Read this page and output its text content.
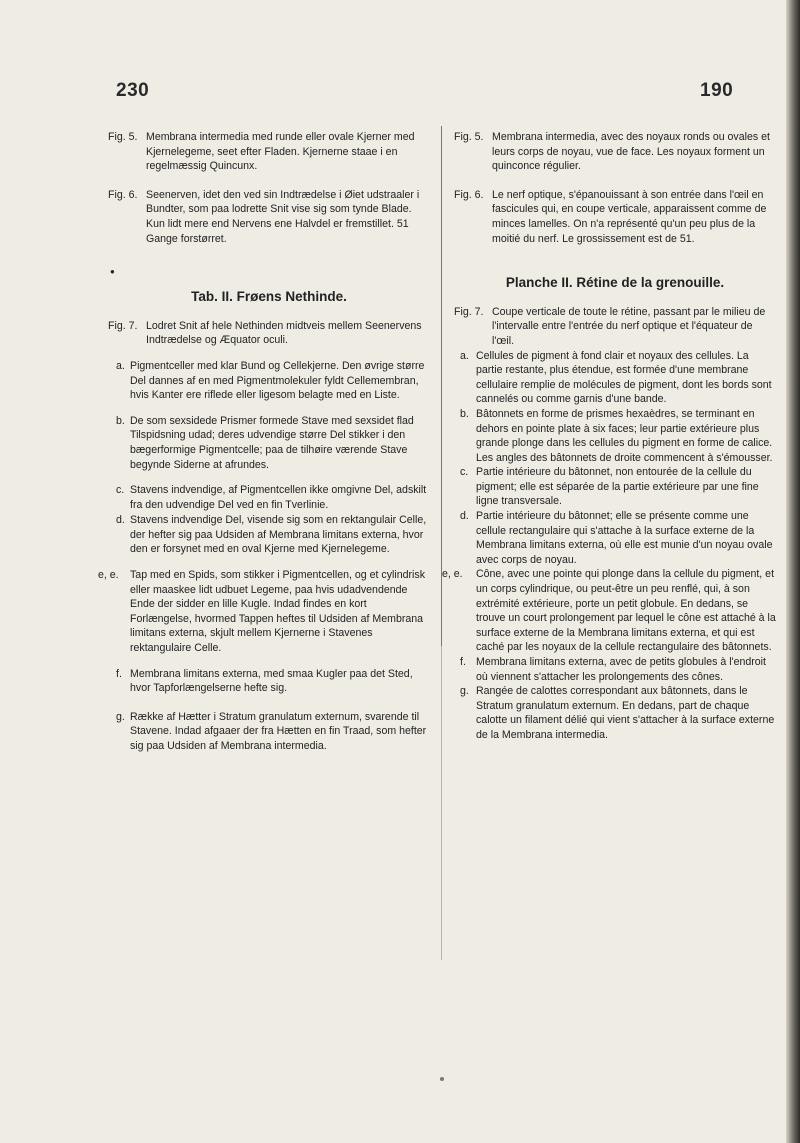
230	190
●
Fig. 5. Membrana intermedia med runde eller ovale Kjerner med Kjernelegeme, seet efter Fladen. Kjernerne staae i en regelmæssig Quincunx.
Fig. 6. Seenerven, idet den ved sin Indtrædelse i Øiet udstraaler i Bundter, som paa lodrette Snit vise sig som tynde Blade. Kun lidt mere end Nervens ene Halvdel er fremstillet. 51 Gange forstørret.

Tab. II. Frøens Nethinde.

Fig. 7. Lodret Snit af hele Nethinden midtveis mellem Seenervens Indtrædelse og Æquator oculi.
a. Pigmentceller med klar Bund og Cellekjerne. Den øvrige større Del dannes af en med Pigmentmolekuler fyldt Cellemembran, hvis Kanter ere riflede eller ligesom belagte med en Liste.
b. De som sexsidede Prismer formede Stave med sexsidet flad Tilspidsning udad; deres udvendige større Del stikker i den bægerformige Pigmentcelle; paa de tilhøire værende Stave begynde Siderne at afrundes.
c. Stavens indvendige, af Pigmentcellen ikke omgivne Del, adskilt fra den udvendige Del ved en fin Tverlinie.
d. Stavens indvendige Del, visende sig som en rektangulair Celle, der hefter sig paa Udsiden af Membrana limitans externa, hvor den er forsynet med en oval Kjerne med Kjernelegeme.
e, e.	Tap med en Spids, som stikker i Pigmentcellen, og et cylindrisk eller maaskee lidt udbuet Legeme, paa hvis udadvendende Ende der sidder en lille Kugle. Indad findes en kort Forlængelse, hvormed Tappen heftes til Udsiden af Membrana limitans externa, skjult mellem Kjernerne i Stavenes rektangulaire Celle.
f. Membrana limitans externa, med smaa Kugler paa det Sted, hvor Tapforlængelserne hefte sig.
g. Række af Hætter i Stratum granulatum externum, svarende til Stavene. Indad afgaaer der fra Hætten en fin Traad, som hefter sig paa Udsiden af Membrana intermedia.
Fig. 5. Membrana intermedia, avec des noyaux ronds ou ovales et leurs corps de noyau, vue de face. Les noyaux forment un quinconce régulier.
Fig. 6. Le nerf optique, s'épanouissant à son entrée dans l'œil en fascicules qui, en coupe verticale, apparaissent comme de minces lamelles. On n'a représenté qu'un peu plus de la moitié du nerf. Le grossissement est de 51.

Planche II. Rétine de la grenouille.

Fig. 7. Coupe verticale de toute le rétine, passant par le milieu de l'intervalle entre l'entrée du nerf optique et l'équateur de l'œil.
a. Cellules de pigment à fond clair et noyaux des cellules. La partie restante, plus étendue, est formée d'une membrane cellulaire remplie de molécules de pigment, dont les bords sont cannelés ou comme garnis d'une bande.
b. Bâtonnets en forme de prismes hexaèdres, se terminant en dehors en pointe plate à six faces; leur partie extérieure plus grande plonge dans les cellules du pigment en forme de calice. Les angles des bâtonnets de droite commencent à s'émousser.
c. Partie intérieure du bâtonnet, non entourée de la cellule du pigment; elle est séparée de la partie extérieure par une fine ligne transversale.
d. Partie intérieure du bâtonnet; elle se présente comme une cellule rectangulaire qui s'attache à la surface externe de la Membrana limitans externa, où elle est munie d'un noyau ovale avec corps de noyau.
e, e.	Cône, avec une pointe qui plonge dans la cellule du pigment, et un corps cylindrique, ou peut-être un peu renflé, qui, à son extrémité extérieure, porte un petit globule. En dedans, se trouve un court prolongement par lequel le cône est attaché à la surface externe de la Membrana limitans externa, et qui est caché par les noyaux de la cellule rectangulaire des bâtonnets.
f. Membrana limitans externa, avec de petits globules à l'endroit où viennent s'attacher les prolongements des cônes.
g. Rangée de calottes correspondant aux bâtonnets, dans le Stratum granulatum externum. En dedans, part de chaque calotte un filament délié qui vient s'attacher à la surface externe de la Membrana intermedia.
